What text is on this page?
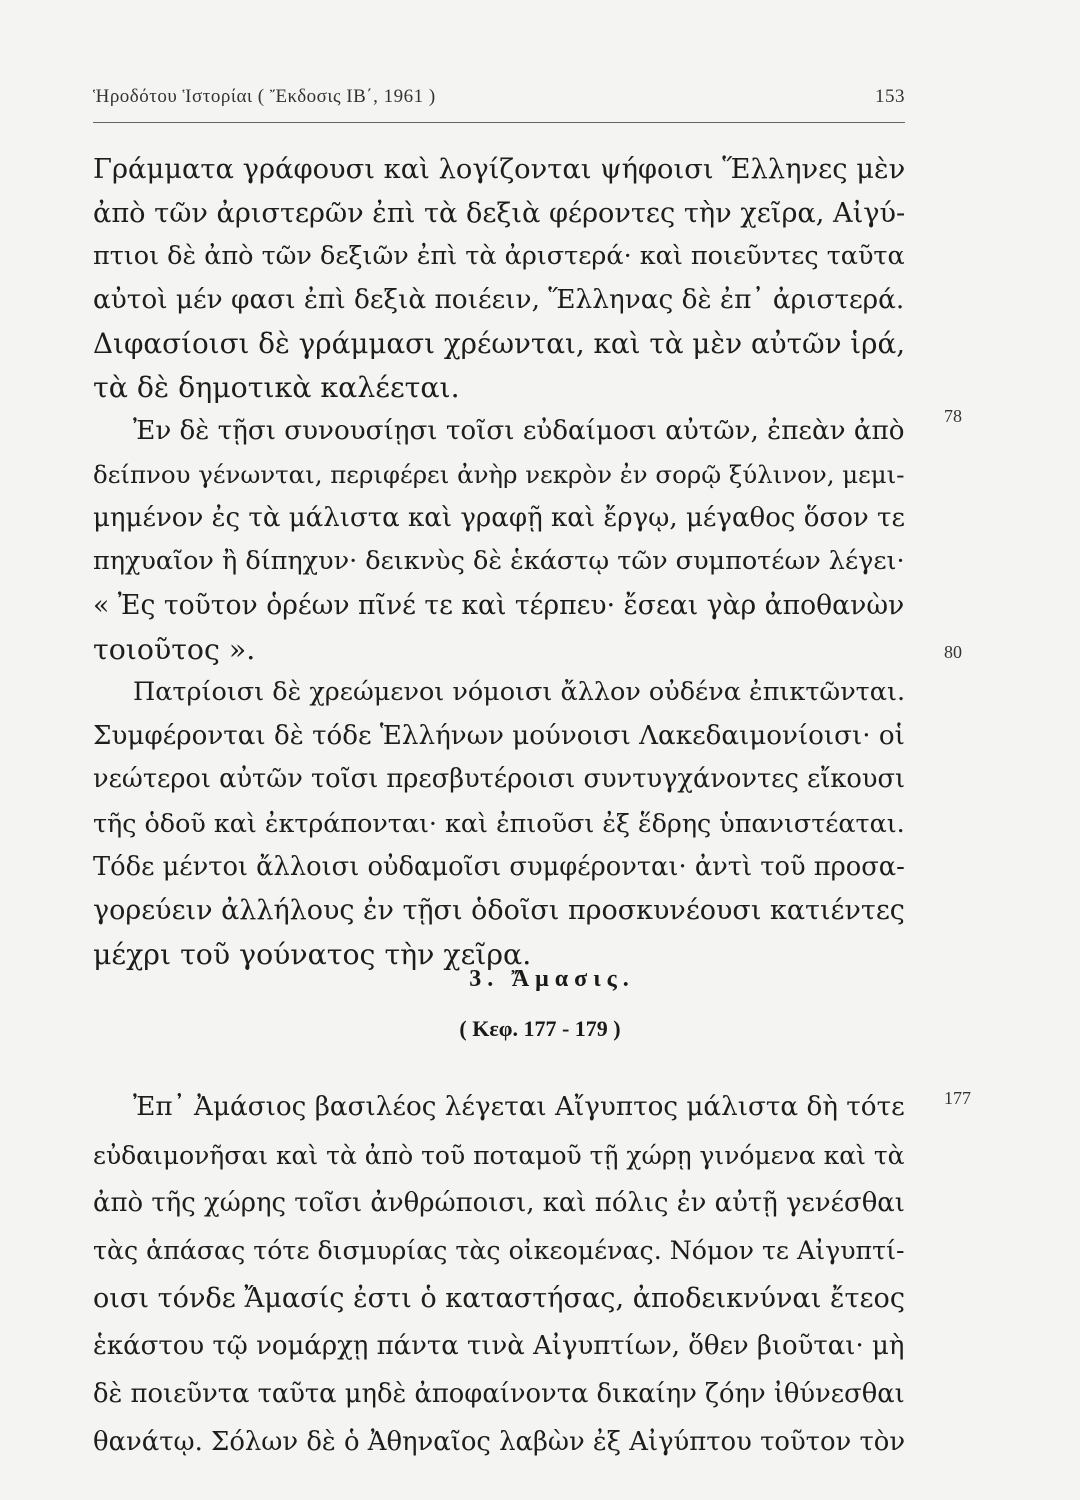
Ἡροδότου Ἱστορίαι ( Ἔκδοσις ΙΒ΄, 1961 )	153
Γράμματα γράφουσι καὶ λογίζονται ψήφοισι Ἕλληνες μὲν
ἀπὸ τῶν ἀριστερῶν ἐπὶ τὰ δεξιὰ φέροντες τὴν χεῖρα, Αἰγύ-
πτιοι δὲ ἀπὸ τῶν δεξιῶν ἐπὶ τὰ ἀριστερά· καὶ ποιεῦντες ταῦτα
αὐτοὶ μέν φασι ἐπὶ δεξιὰ ποιέειν, Ἕλληνας δὲ ἐπ᾽ ἀριστερά.
Διφασίοισι δὲ γράμμασι χρέωνται, καὶ τὰ μὲν αὐτῶν ἱρά,
τὰ δὲ δημοτικὰ καλέεται.
Ἐν δὲ τῇσι συνουσίῃσι τοῖσι εὐδαίμοσι αὐτῶν, ἐπεὰν ἀπὸ
δείπνου γένωνται, περιφέρει ἀνὴρ νεκρὸν ἐν σορῷ ξύλινον, μεμι-
μημένον ἐς τὰ μάλιστα καὶ γραφῇ καὶ ἔργῳ, μέγαθος ὅσον τε
πηχυαῖον ἢ δίπηχυν· δεικνὺς δὲ ἑκάστῳ τῶν συμποτέων λέγει·
« Ἐς τοῦτον ὁρέων πῖνέ τε καὶ τέρπευ· ἔσεαι γὰρ ἀποθανὼν
τοιοῦτος ».
Πατρίοισι δὲ χρεώμενοι νόμοισι ἄλλον οὐδένα ἐπικτῶνται.
Συμφέρονται δὲ τόδε Ἑλλήνων μούνοισι Λακεδαιμονίοισι· οἱ
νεώτεροι αὐτῶν τοῖσι πρεσβυτέροισι συντυγχάνοντες εἴκουσι
τῆς ὁδοῦ καὶ ἐκτράπονται· καὶ ἐπιοῦσι ἐξ ἕδρης ὑπανιστέαται.
Τόδε μέντοι ἄλλοισι οὐδαμοῖσι συμφέρονται· ἀντὶ τοῦ προσα-
γορεύειν ἀλλήλους ἐν τῇσι ὁδοῖσι προσκυνέουσι κατιέντες
μέχρι τοῦ γούνατος τὴν χεῖρα.
78
80
3. Ἄμασις.
( Κεφ. 177 - 179 )
Ἐπ᾽ Ἀμάσιος βασιλέος λέγεται Αἴγυπτος μάλιστα δὴ τότε
εὐδαιμονῆσαι καὶ τὰ ἀπὸ τοῦ ποταμοῦ τῇ χώρῃ γινόμενα καὶ τὰ
ἀπὸ τῆς χώρης τοῖσι ἀνθρώποισι, καὶ πόλις ἐν αὐτῇ γενέσθαι
τὰς ἁπάσας τότε δισμυρίας τὰς οἰκεομένας. Νόμον τε Αἰγυπτί-
οισι τόνδε Ἄμασίς ἐστι ὁ καταστήσας, ἀποδεικνύναι ἔτεος
ἑκάστου τῷ νομάρχῃ πάντα τινὰ Αἰγυπτίων, ὅθεν βιοῦται· μὴ
δὲ ποιεῦντα ταῦτα μηδὲ ἀποφαίνοντα δικαίην ζόην ἰθύνεσθαι
θανάτῳ. Σόλων δὲ ὁ Ἀθηναῖος λαβὼν ἐξ Αἰγύπτου τοῦτον τὸν
177
